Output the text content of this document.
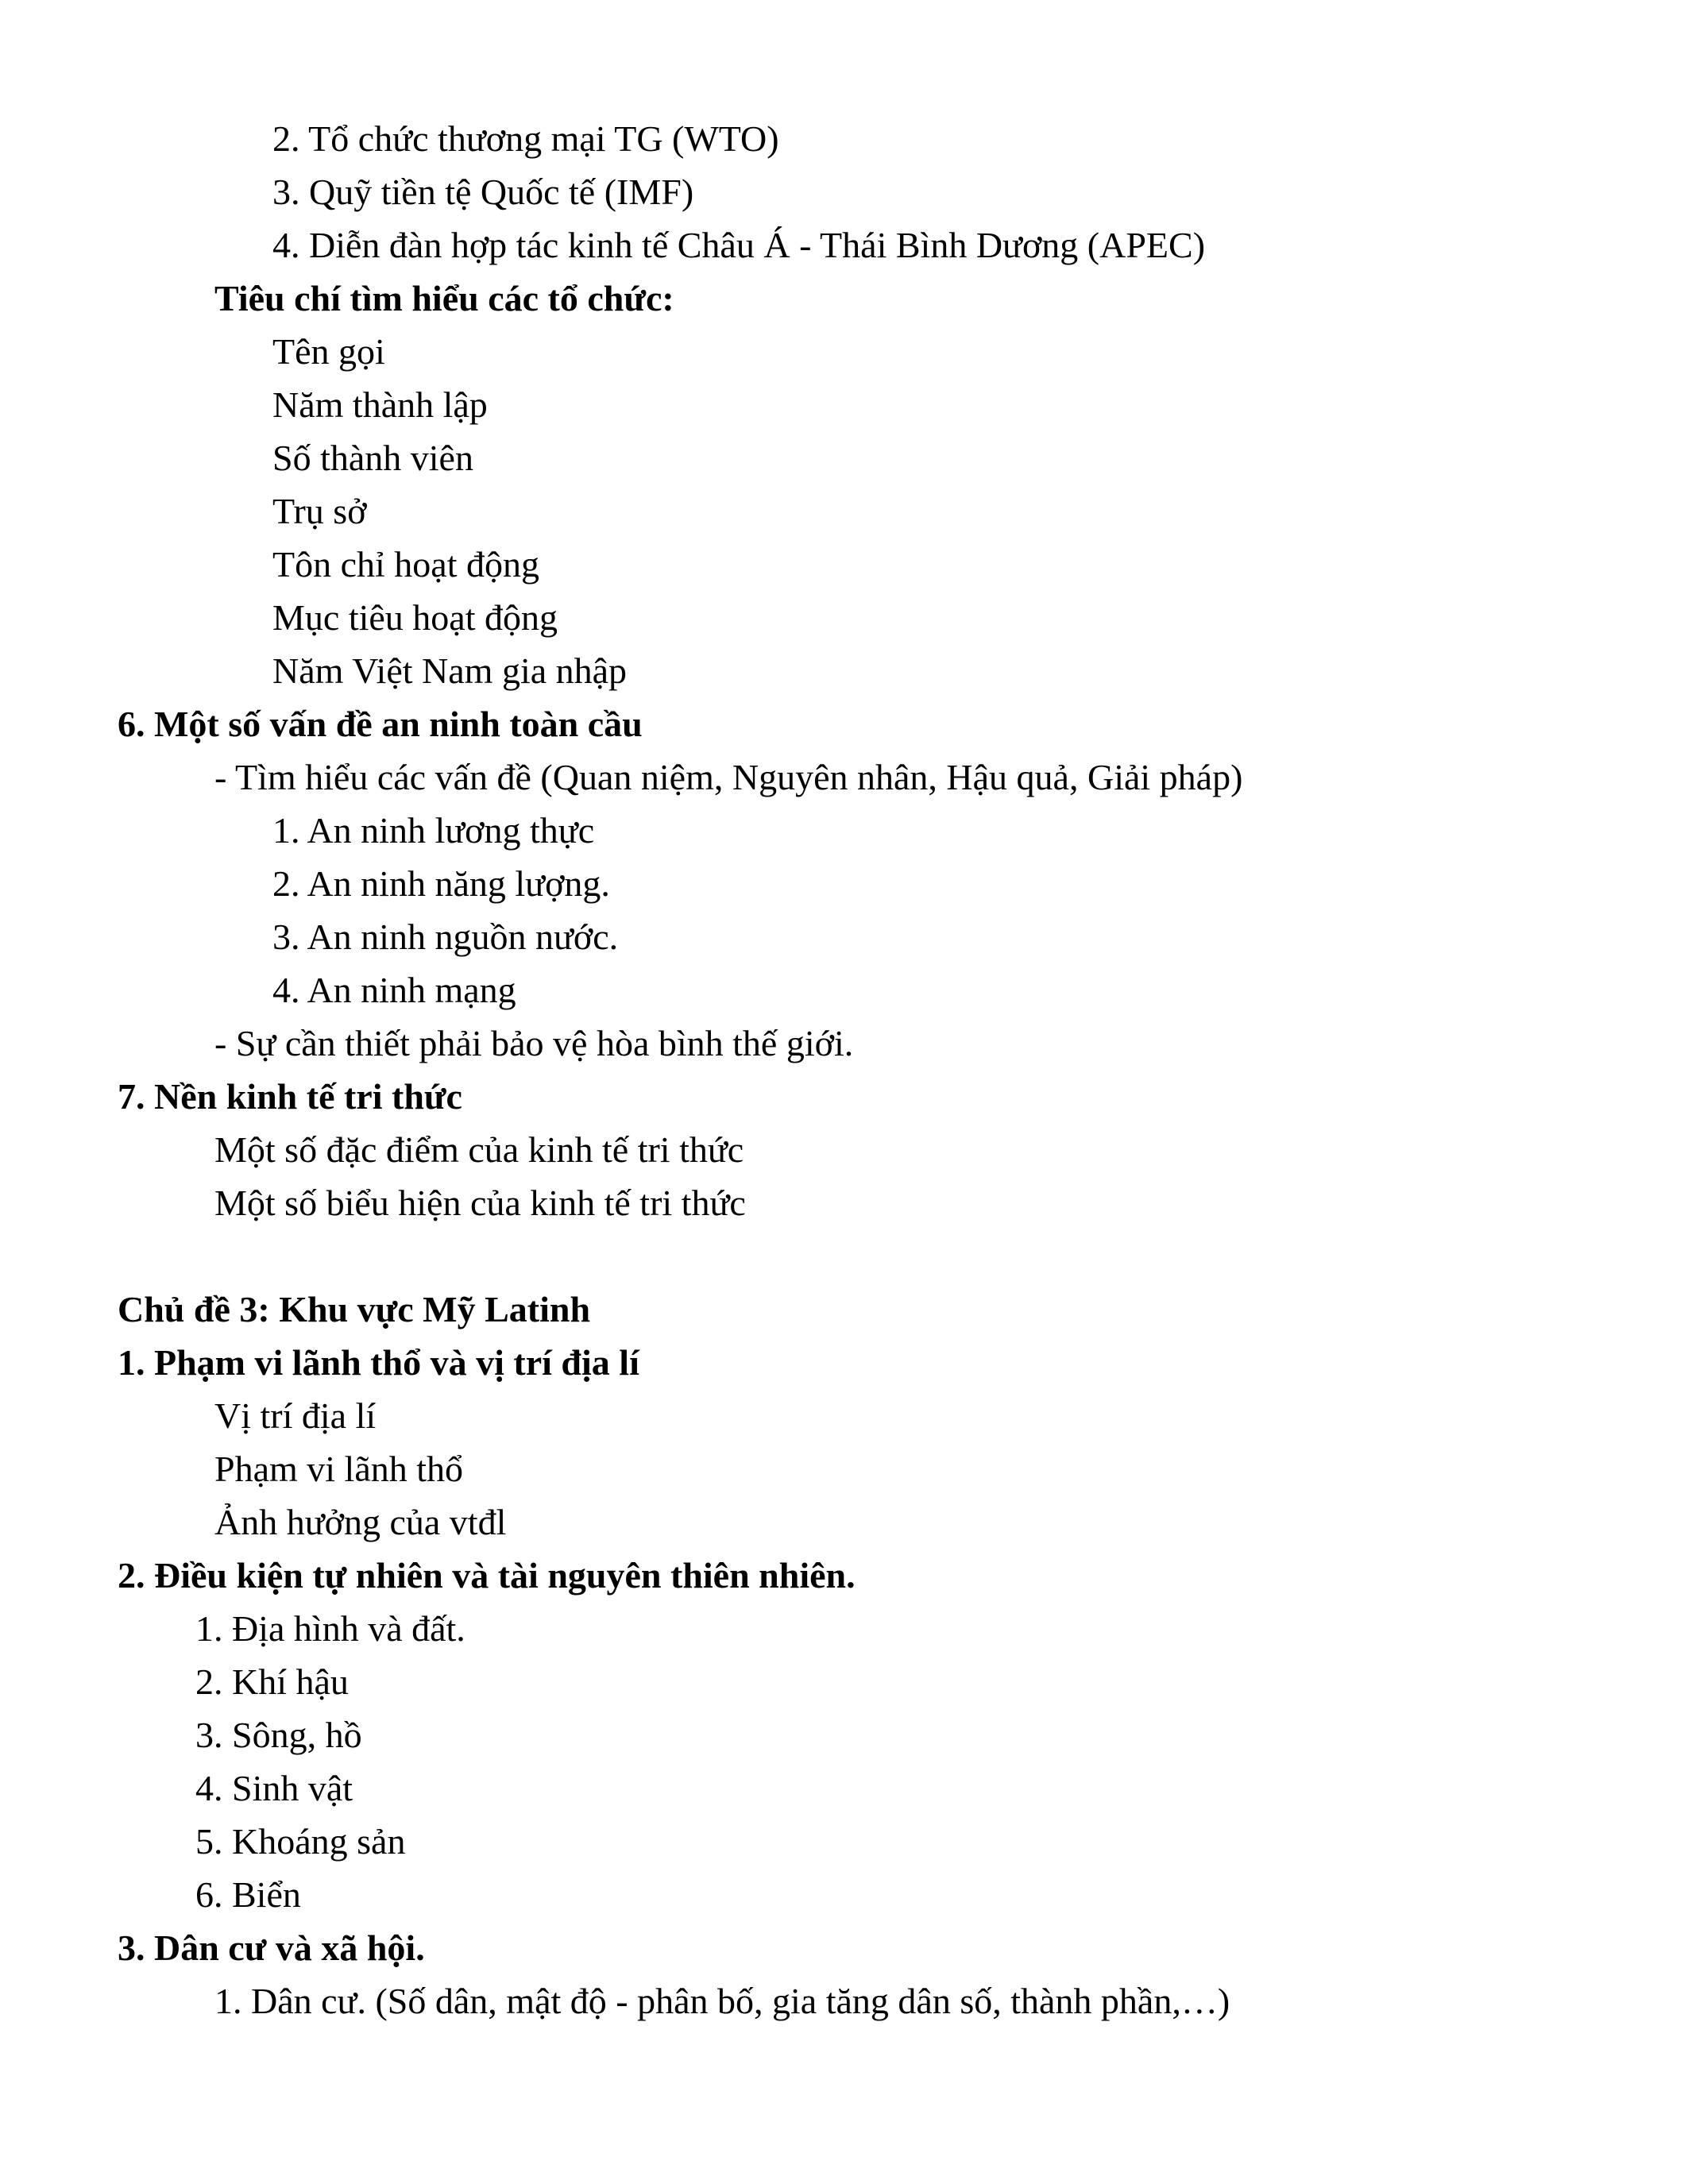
2. Tổ chức thương mại TG (WTO)
3. Quỹ tiền tệ Quốc tế (IMF)
4. Diễn đàn hợp tác kinh tế Châu Á - Thái Bình Dương (APEC)
Tiêu chí tìm hiểu các tổ chức:
Tên gọi
Năm thành lập
Số thành viên
Trụ sở
Tôn chỉ hoạt động
Mục tiêu hoạt động
Năm Việt Nam gia nhập
6. Một số vấn đề an ninh toàn cầu
- Tìm hiểu các vấn đề (Quan niệm, Nguyên nhân, Hậu quả, Giải pháp)
1. An ninh lương thực
2. An ninh năng lượng.
3. An ninh nguồn nước.
4. An ninh mạng
- Sự cần thiết phải bảo vệ hòa bình thế giới.
7. Nền kinh tế tri thức
Một số đặc điểm của kinh tế tri thức
Một số biểu hiện của kinh tế tri thức
Chủ đề 3: Khu vực Mỹ Latinh
1. Phạm vi lãnh thổ và vị trí địa lí
Vị trí địa lí
Phạm vi lãnh thổ
Ảnh hưởng của vtđl
2. Điều kiện tự nhiên và tài nguyên thiên nhiên.
1. Địa hình và đất.
2. Khí hậu
3. Sông, hồ
4. Sinh vật
5. Khoáng sản
6. Biển
3. Dân cư và xã hội.
1. Dân cư. (Số dân, mật độ - phân bố, gia tăng dân số, thành phần,…)
